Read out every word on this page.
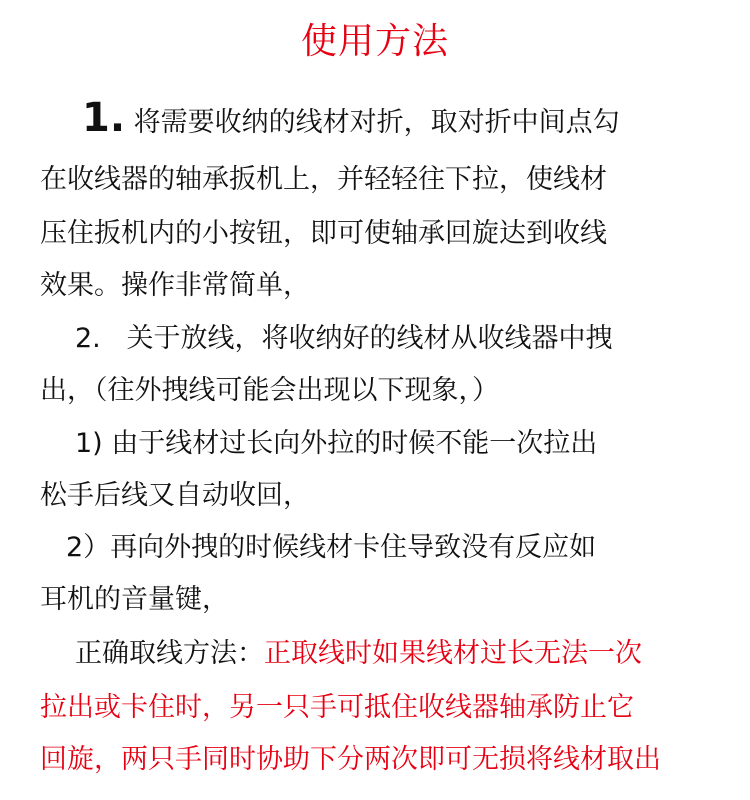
使用方法
1. 将需要收纳的线材对折，取对折中间点勾
在收线器的轴承扳机上，并轻轻往下拉，使线材
压住扳机内的小按钮，即可使轴承回旋达到收线
效果。操作非常简单，
2. 关于放线，将收纳好的线材从收线器中拽
出，（往外拽线可能会出现以下现象，）
1) 由于线材过长向外拉的时候不能一次拉出
松手后线又自动收回，
2）再向外拽的时候线材卡住导致没有反应如
耳机的音量键，
正确取线方法：正取线时如果线材过长无法一次
拉出或卡住时，另一只手可抵住收线器轴承防止它
回旋，两只手同时协助下分两次即可无损将线材取出
